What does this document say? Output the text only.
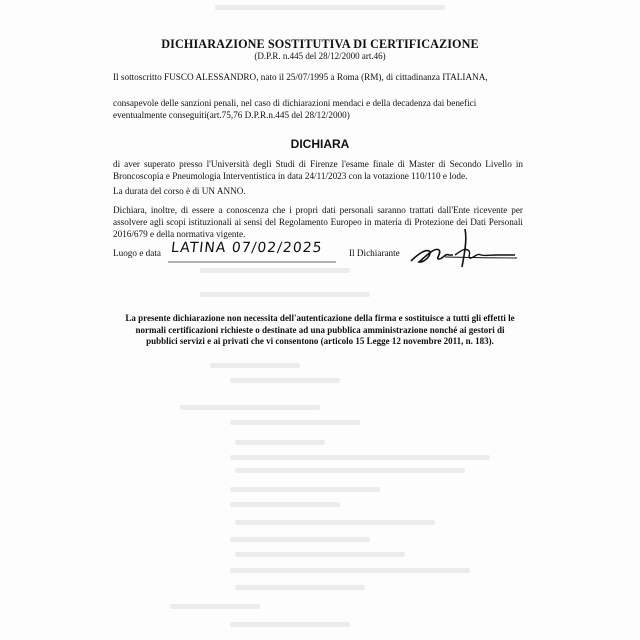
DICHIARAZIONE SOSTITUTIVA DI CERTIFICAZIONE
(D.P.R. n.445 del 28/12/2000 art.46)
Il sottoscritto FUSCO ALESSANDRO, nato il 25/07/1995 a Roma (RM), di cittadinanza ITALIANA,
consapevole delle sanzioni penali, nel caso di dichiarazioni mendaci e della decadenza dai benefici eventualmente conseguiti(art.75,76 D.P.R.n.445 del 28/12/2000)
DICHIARA
di aver superato presso l'Università degli Studi di Firenze l'esame finale di Master di Secondo Livello in Broncoscopia e Pneumologia Interventistica in data 24/11/2023 con la votazione 110/110 e lode.
La durata del corso è di UN ANNO.
Dichiara, inoltre, di essere a conoscenza che i propri dati personali saranno trattati dall'Ente ricevente per assolvere agli scopi istituzionali ai sensi del Regolamento Europeo in materia di Protezione dei Dati Personali 2016/679 e della normativa vigente.
Luogo e data LATINA 07/02/2025	Il Dichiarante
La presente dichiarazione non necessita dell'autenticazione della firma e sostituisce a tutti gli effetti le normali certificazioni richieste o destinate ad una pubblica amministrazione nonché ai gestori di pubblici servizi e ai privati che vi consentono (articolo 15 Legge 12 novembre 2011, n. 183).
